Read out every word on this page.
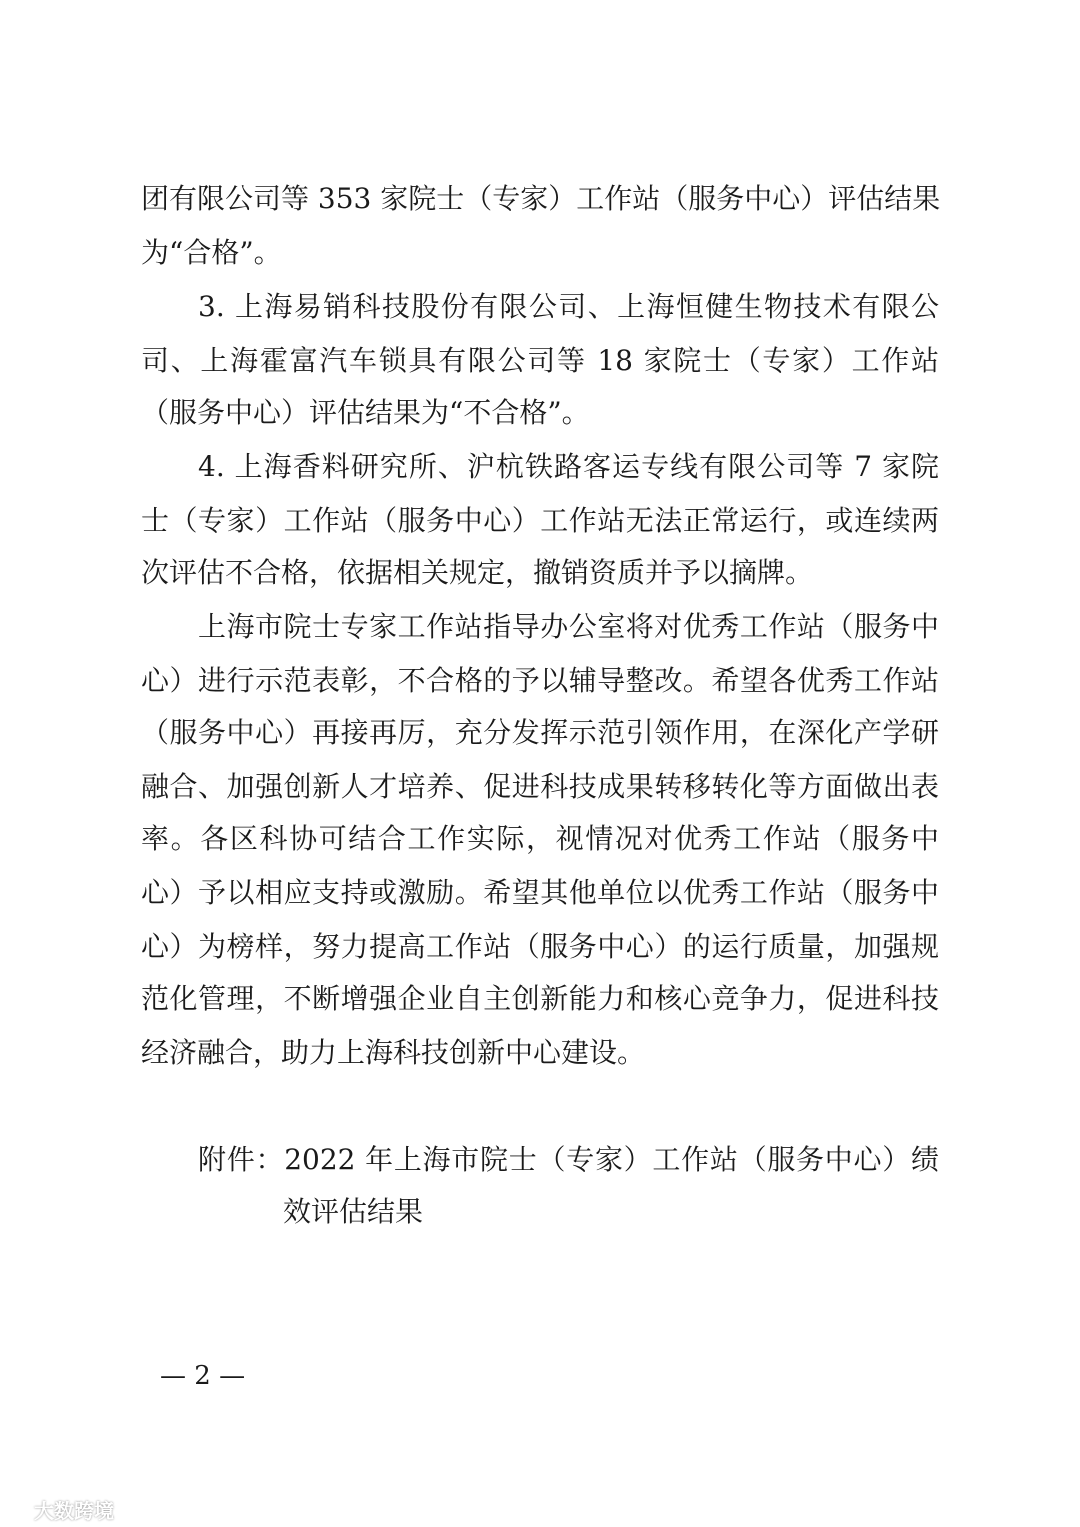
团有限公司等 353 家院士（专家）工作站（服务中心）评估结果
为“合格”。
3. 上海易销科技股份有限公司、上海恒健生物技术有限公
司、上海霍富汽车锁具有限公司等 18 家院士（专家）工作站
（服务中心）评估结果为“不合格”。
4. 上海香料研究所、沪杭铁路客运专线有限公司等 7 家院
士（专家）工作站（服务中心）工作站无法正常运行，或连续两
次评估不合格，依据相关规定，撤销资质并予以摘牌。
上海市院士专家工作站指导办公室将对优秀工作站（服务中
心）进行示范表彰，不合格的予以辅导整改。希望各优秀工作站
（服务中心）再接再厉，充分发挥示范引领作用，在深化产学研
融合、加强创新人才培养、促进科技成果转移转化等方面做出表
率。各区科协可结合工作实际，视情况对优秀工作站（服务中
心）予以相应支持或激励。希望其他单位以优秀工作站（服务中
心）为榜样，努力提高工作站（服务中心）的运行质量，加强规
范化管理，不断增强企业自主创新能力和核心竞争力，促进科技
经济融合，助力上海科技创新中心建设。
附件：2022 年上海市院士（专家）工作站（服务中心）绩
效评估结果
— 2 —
大数跨境
